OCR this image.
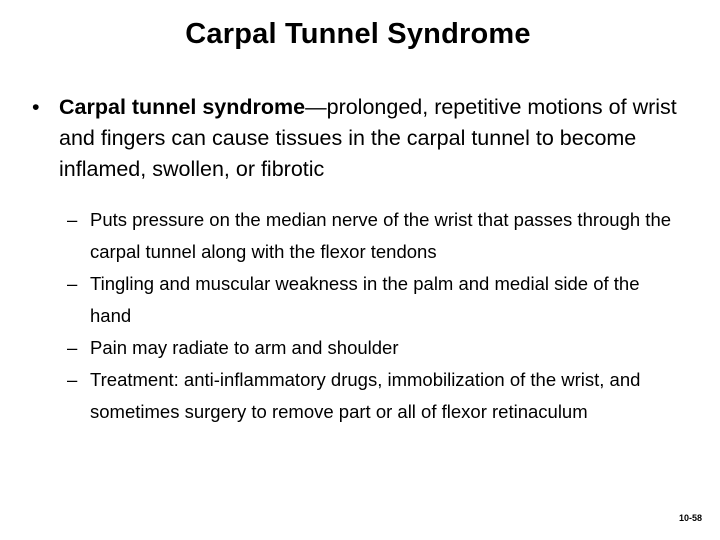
Carpal Tunnel Syndrome
• Carpal tunnel syndrome—prolonged, repetitive motions of wrist and fingers can cause tissues in the carpal tunnel to become inflamed, swollen, or fibrotic
– Puts pressure on the median nerve of the wrist that passes through the carpal tunnel along with the flexor tendons
– Tingling and muscular weakness in the palm and medial side of the hand
– Pain may radiate to arm and shoulder
– Treatment: anti-inflammatory drugs, immobilization of the wrist, and sometimes surgery to remove part or all of flexor retinaculum
10-58
